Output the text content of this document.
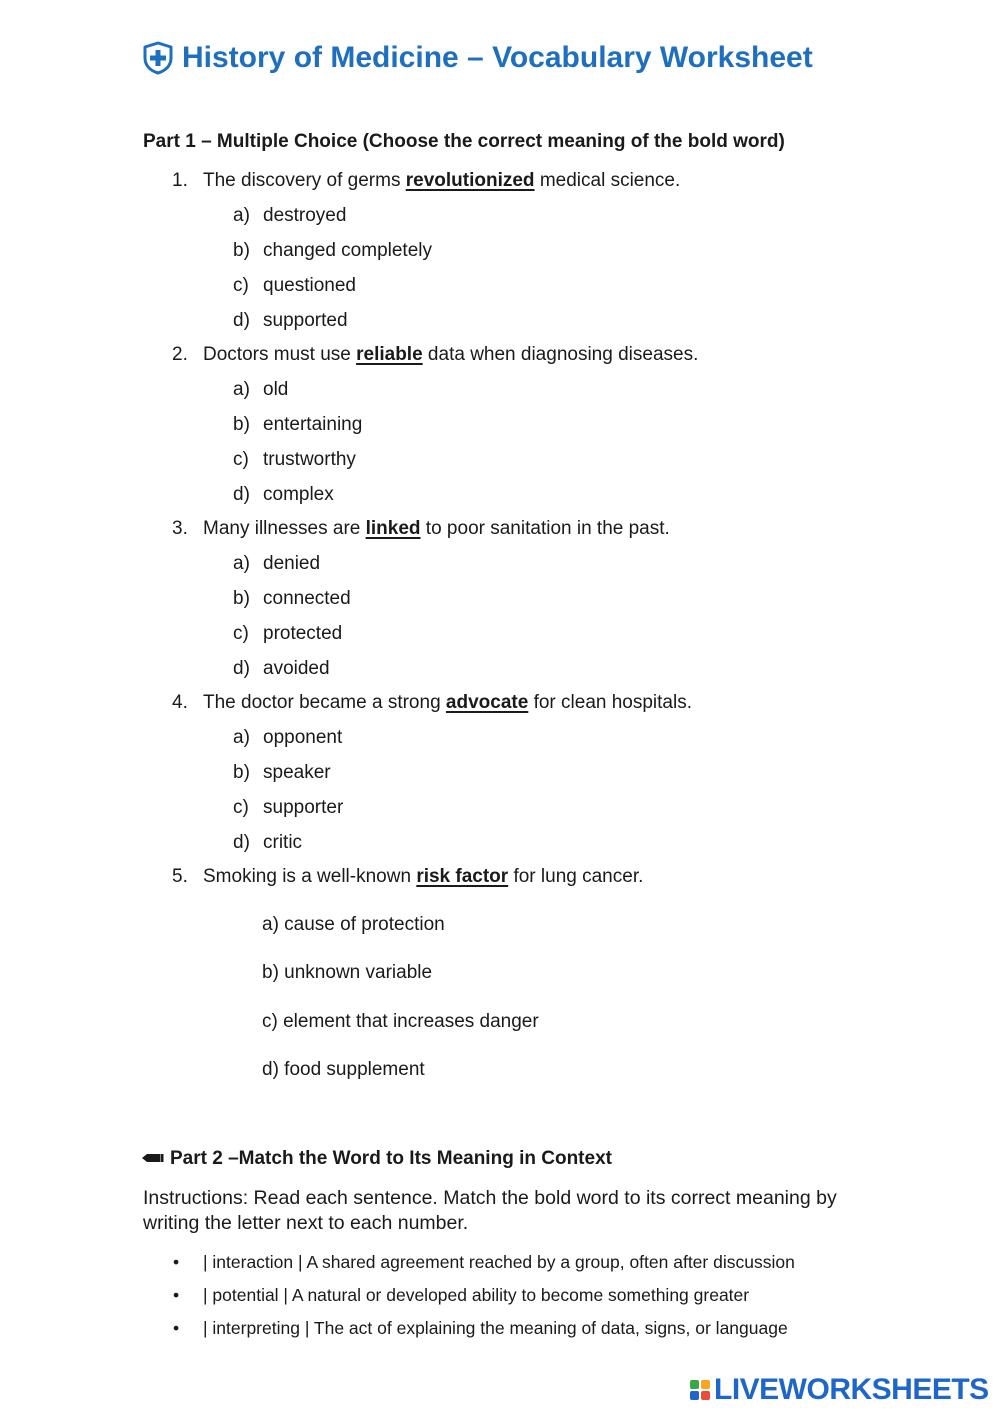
History of Medicine – Vocabulary Worksheet
Part 1 – Multiple Choice (Choose the correct meaning of the bold word)
1. The discovery of germs revolutionized medical science.
a) destroyed
b) changed completely
c) questioned
d) supported
2. Doctors must use reliable data when diagnosing diseases.
a) old
b) entertaining
c) trustworthy
d) complex
3. Many illnesses are linked to poor sanitation in the past.
a) denied
b) connected
c) protected
d) avoided
4. The doctor became a strong advocate for clean hospitals.
a) opponent
b) speaker
c) supporter
d) critic
5. Smoking is a well-known risk factor for lung cancer.
a) cause of protection
b) unknown variable
c) element that increases danger
d) food supplement
Part 2 –Match the Word to Its Meaning in Context
Instructions: Read each sentence. Match the bold word to its correct meaning by writing the letter next to each number.
• | interaction | A shared agreement reached by a group, often after discussion
• | potential | A natural or developed ability to become something greater
• | interpreting | The act of explaining the meaning of data, signs, or language
LIVEWORKSHEETS
